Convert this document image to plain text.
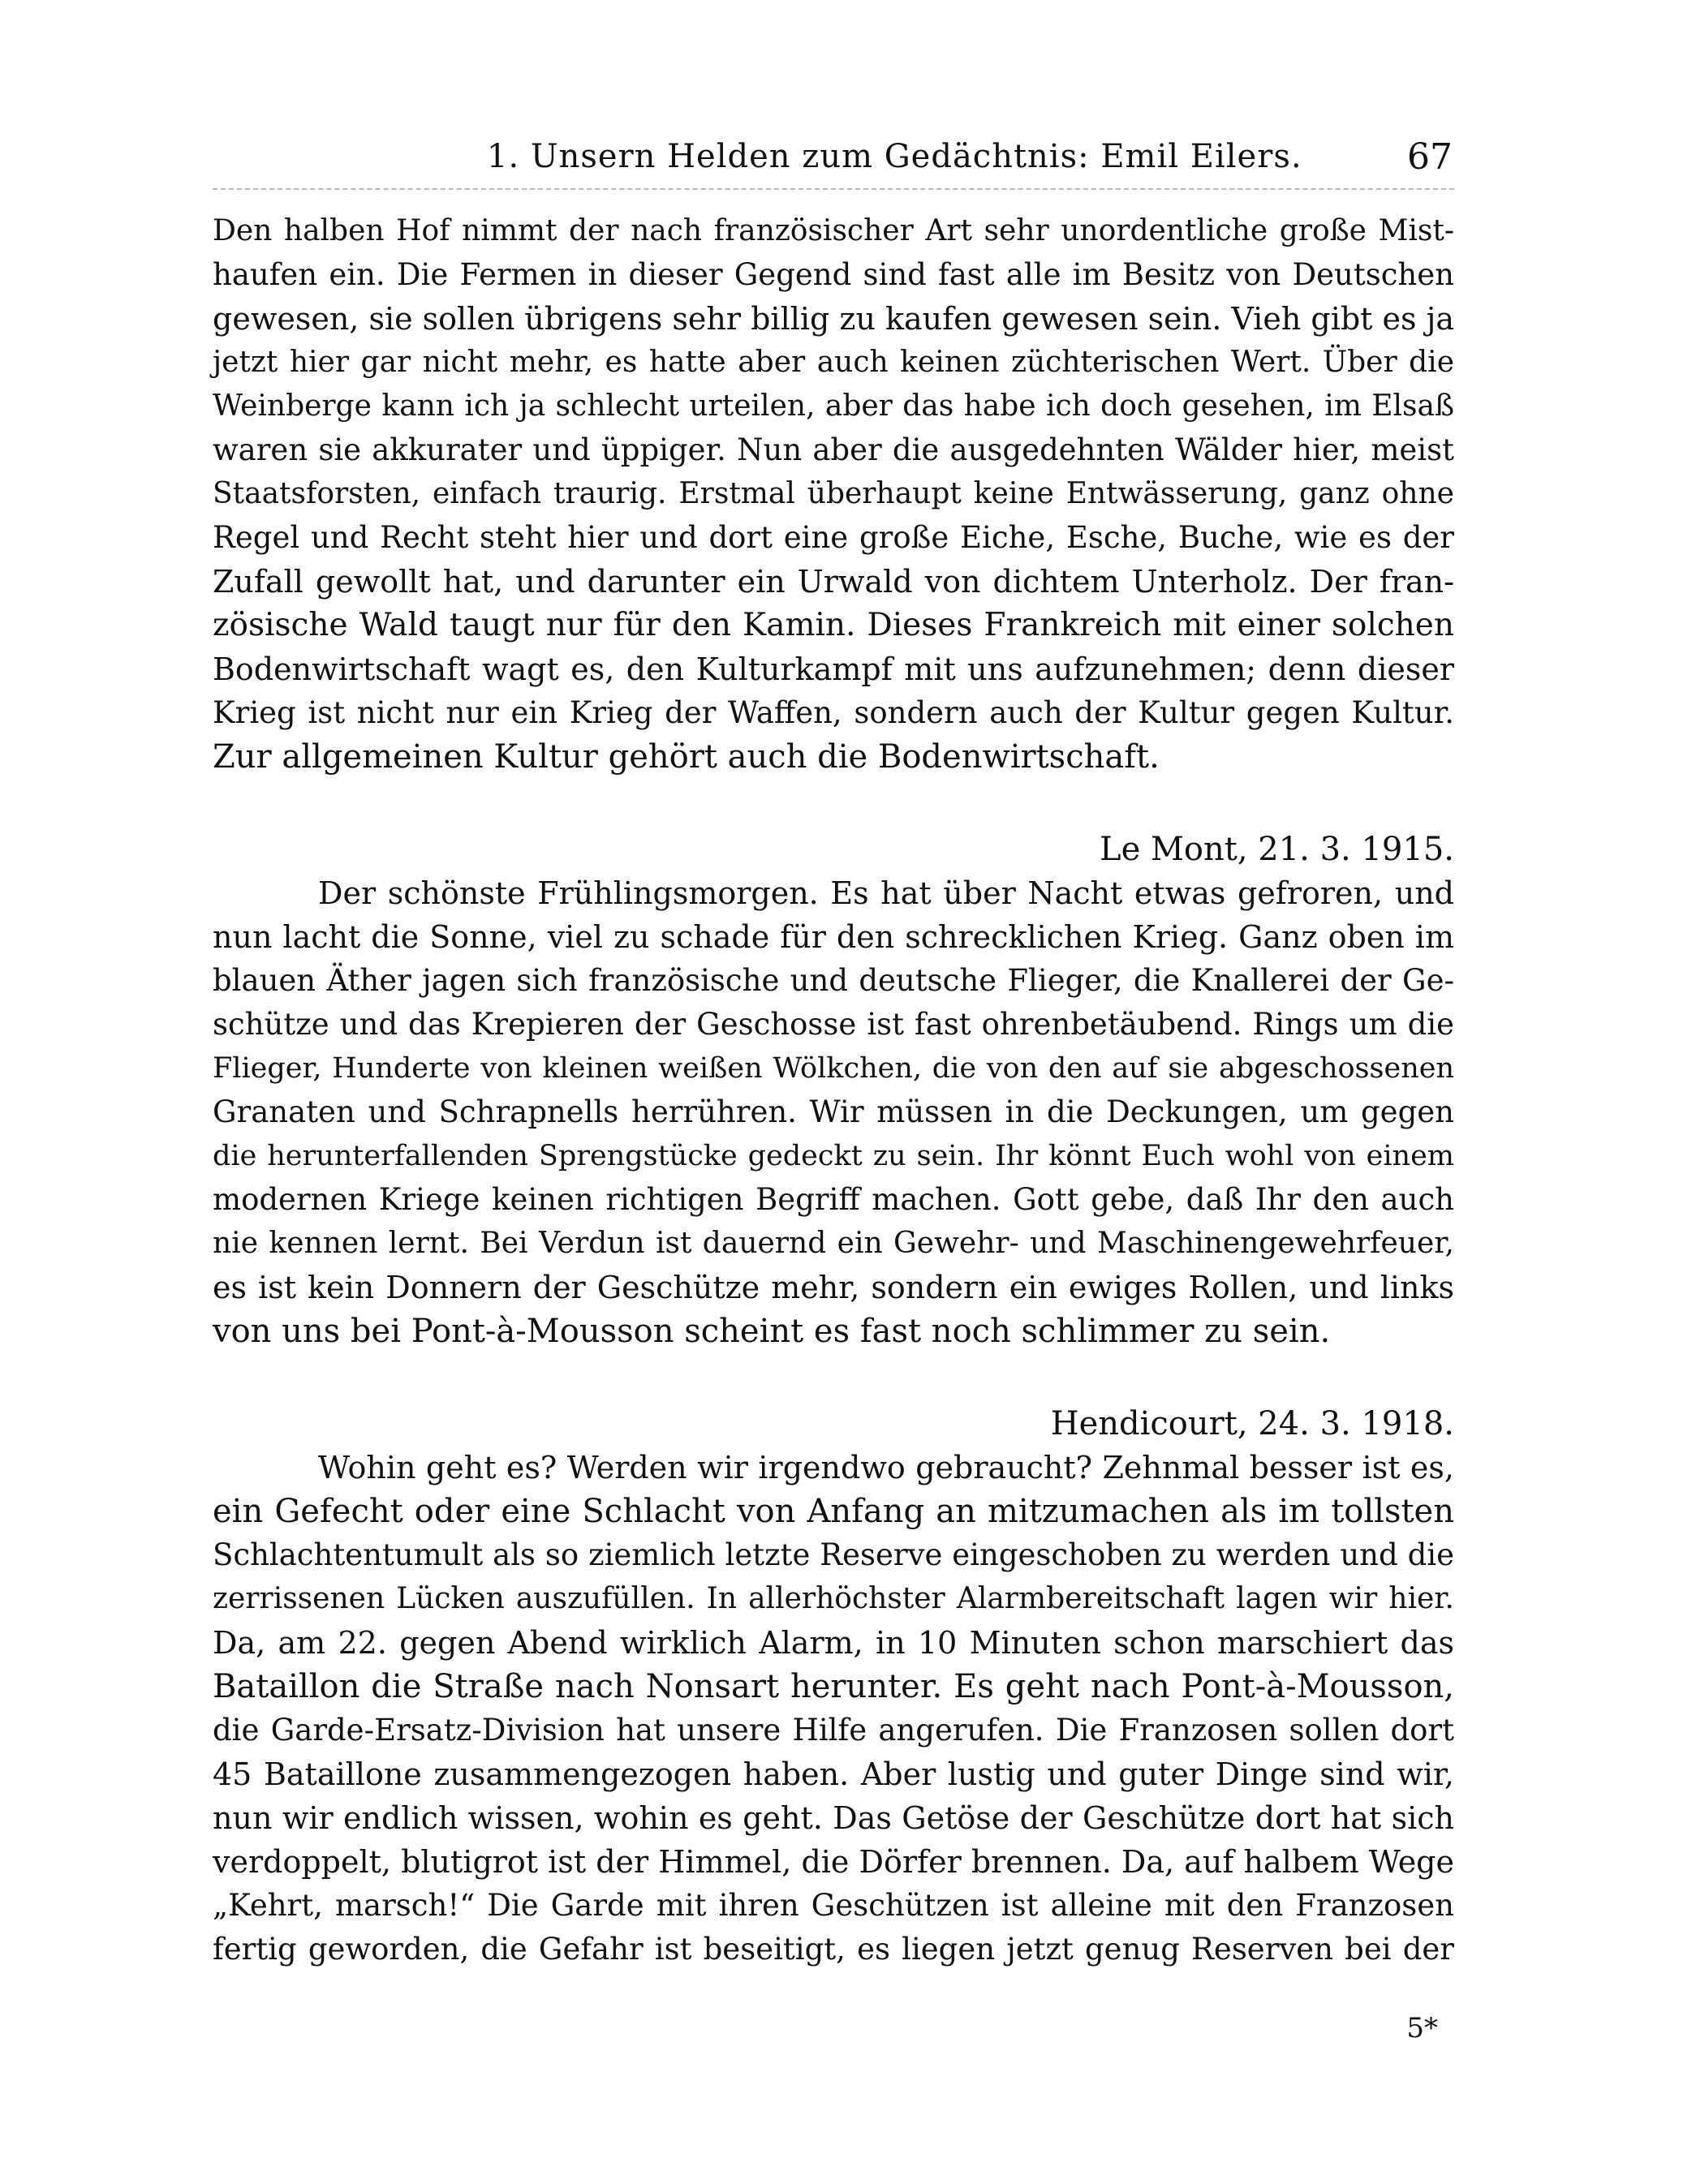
1. Unsern Helden zum Gedächtnis: Emil Eilers.	67
Den halben Hof nimmt der nach französischer Art sehr unordentliche große Mist-
haufen ein. Die Fermen in dieser Gegend sind fast alle im Besitz von Deutschen
gewesen, sie sollen übrigens sehr billig zu kaufen gewesen sein. Vieh gibt es ja
jetzt hier gar nicht mehr, es hatte aber auch keinen züchterischen Wert. Über die
Weinberge kann ich ja schlecht urteilen, aber das habe ich doch gesehen, im Elsaß
waren sie akkurater und üppiger. Nun aber die ausgedehnten Wälder hier, meist
Staatsforsten, einfach traurig. Erstmal überhaupt keine Entwässerung, ganz ohne
Regel und Recht steht hier und dort eine große Eiche, Esche, Buche, wie es der
Zufall gewollt hat, und darunter ein Urwald von dichtem Unterholz. Der fran-
zösische Wald taugt nur für den Kamin. Dieses Frankreich mit einer solchen
Bodenwirtschaft wagt es, den Kulturkampf mit uns aufzunehmen; denn dieser
Krieg ist nicht nur ein Krieg der Waffen, sondern auch der Kultur gegen Kultur.
Zur allgemeinen Kultur gehört auch die Bodenwirtschaft.
Le Mont, 21. 3. 1915.
Der schönste Frühlingsmorgen. Es hat über Nacht etwas gefroren, und
nun lacht die Sonne, viel zu schade für den schrecklichen Krieg. Ganz oben im
blauen Äther jagen sich französische und deutsche Flieger, die Knallerei der Ge-
schütze und das Krepieren der Geschosse ist fast ohrenbetäubend. Rings um die
Flieger, Hunderte von kleinen weißen Wölkchen, die von den auf sie abgeschossenen
Granaten und Schrapnells herrühren. Wir müssen in die Deckungen, um gegen
die herunterfallenden Sprengstücke gedeckt zu sein. Ihr könnt Euch wohl von einem
modernen Kriege keinen richtigen Begriff machen. Gott gebe, daß Ihr den auch
nie kennen lernt. Bei Verdun ist dauernd ein Gewehr- und Maschinengewehrfeuer,
es ist kein Donnern der Geschütze mehr, sondern ein ewiges Rollen, und links
von uns bei Pont-à-Mousson scheint es fast noch schlimmer zu sein.
Hendicourt, 24. 3. 1918.
Wohin geht es? Werden wir irgendwo gebraucht? Zehnmal besser ist es,
ein Gefecht oder eine Schlacht von Anfang an mitzumachen als im tollsten
Schlachtentumult als so ziemlich letzte Reserve eingeschoben zu werden und die
zerrissenen Lücken auszufüllen. In allerhöchster Alarmbereitschaft lagen wir hier.
Da, am 22. gegen Abend wirklich Alarm, in 10 Minuten schon marschiert das
Bataillon die Straße nach Nonsart herunter. Es geht nach Pont-à-Mousson,
die Garde-Ersatz-Division hat unsere Hilfe angerufen. Die Franzosen sollen dort
45 Bataillone zusammengezogen haben. Aber lustig und guter Dinge sind wir,
nun wir endlich wissen, wohin es geht. Das Getöse der Geschütze dort hat sich
verdoppelt, blutigrot ist der Himmel, die Dörfer brennen. Da, auf halbem Wege
„Kehrt, marsch!“ Die Garde mit ihren Geschützen ist alleine mit den Franzosen
fertig geworden, die Gefahr ist beseitigt, es liegen jetzt genug Reserven bei der
5*
